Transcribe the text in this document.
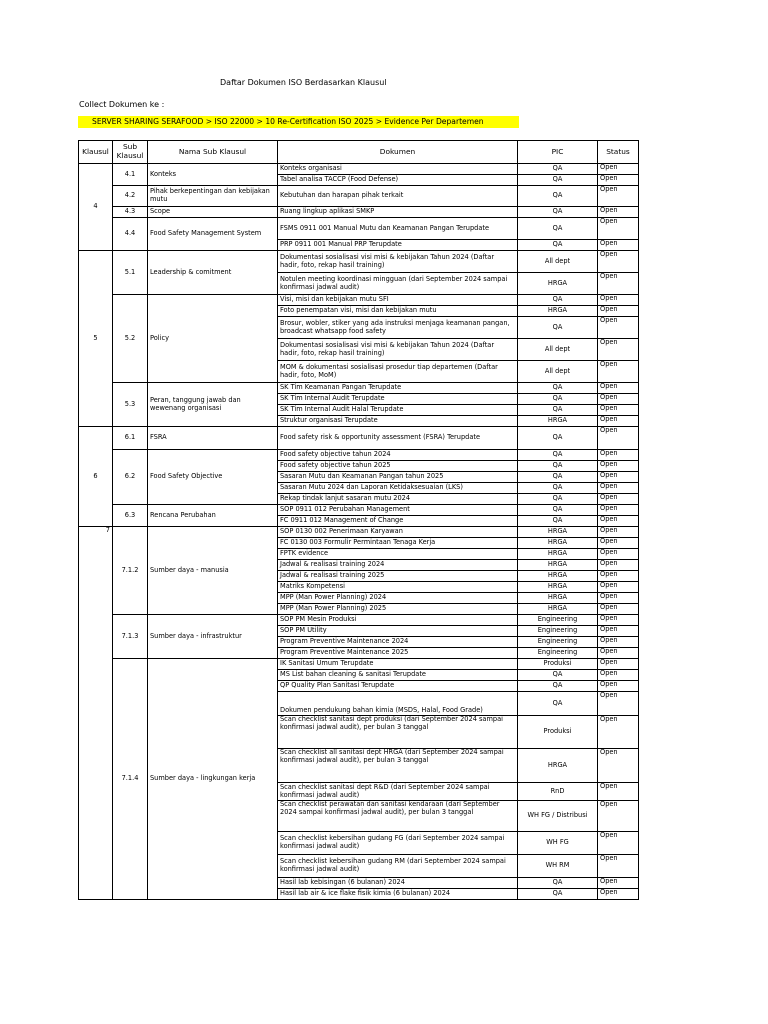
Daftar Dokumen ISO Berdasarkan Klausul
Collect Dokumen ke :
SERVER SHARING SERAFOOD > ISO 22000 > 10 Re-Certification ISO 2025 > Evidence Per Departemen
Klausul	Sub Klausul	Nama Sub Klausul	Dokumen	PIC	Status
4	4.1	Konteks	Konteks organisasi	QA	Open
			Tabel analisa TACCP (Food Defense)	QA	Open
	4.2	Pihak berkepentingan dan kebijakan mutu	Kebutuhan dan harapan pihak terkait	QA	Open
	4.3	Scope	Ruang lingkup aplikasi SMKP	QA	Open
	4.4	Food Safety Management System	FSMS 0911 001 Manual Mutu dan Keamanan Pangan Terupdate	QA	Open
			PRP 0911 001 Manual PRP Terupdate	QA	Open
5	5.1	Leadership & comitment	Dokumentasi sosialisasi visi misi & kebijakan Tahun 2024 (Daftar hadir, foto, rekap hasil training)	All dept	Open
			Notulen meeting koordinasi mingguan (dari September 2024 sampai konfirmasi jadwal audit)	HRGA	Open
	5.2	Policy	Visi, misi dan kebijakan mutu SFI	QA	Open
			Foto penempatan visi, misi dan kebijakan mutu	HRGA	Open
			Brosur, wobler, stiker yang ada instruksi menjaga keamanan pangan, broadcast whatsapp food safety	QA	Open
			Dokumentasi sosialisasi visi misi & kebijakan Tahun 2024 (Daftar hadir, foto, rekap hasil training)	All dept	Open
			MOM & dokumentasi sosialisasi prosedur tiap departemen (Daftar hadir, foto, MoM)	All dept	Open
	5.3	Peran, tanggung jawab dan wewenang organisasi	SK Tim Keamanan Pangan Terupdate	QA	Open
			SK Tim Internal Audit Terupdate	QA	Open
			SK Tim Internal Audit Halal Terupdate	QA	Open
			Struktur organisasi Terupdate	HRGA	Open
6	6.1	FSRA	Food safety risk & opportunity assessment (FSRA) Terupdate	QA	Open
	6.2	Food Safety Objective	Food safety objective tahun 2024	QA	Open
			Food safety objective tahun 2025	QA	Open
			Sasaran Mutu dan Keamanan Pangan tahun 2025	QA	Open
			Sasaran Mutu 2024 dan Laporan Ketidaksesuaian (LKS)	QA	Open
			Rekap tindak lanjut sasaran mutu 2024	QA	Open
	6.3	Rencana Perubahan	SOP 0911 012 Perubahan Management	QA	Open
			FC 0911 012 Management of Change	QA	Open
7	7.1.2	Sumber daya - manusia	SOP 0130 002 Penerimaan Karyawan	HRGA	Open
			FC 0130 003 Formulir Permintaan Tenaga Kerja	HRGA	Open
			FPTK evidence	HRGA	Open
			Jadwal & realisasi training 2024	HRGA	Open
			Jadwal & realisasi training 2025	HRGA	Open
			Matriks Kompetensi	HRGA	Open
			MPP (Man Power Planning) 2024	HRGA	Open
			MPP (Man Power Planning) 2025	HRGA	Open
	7.1.3	Sumber daya - infrastruktur	SOP PM Mesin Produksi	Engineering	Open
			SOP PM Utility	Engineering	Open
			Program Preventive Maintenance 2024	Engineering	Open
			Program Preventive Maintenance 2025	Engineering	Open
	7.1.4	Sumber daya - lingkungan kerja	IK Sanitasi Umum Terupdate	Produksi	Open
			MS List bahan cleaning & sanitasi Terupdate	QA	Open
			QP Quality Plan Sanitasi Terupdate	QA	Open
			Dokumen pendukung bahan kimia (MSDS, Halal, Food Grade)	QA	Open
			Scan checklist sanitasi dept produksi (dari September 2024 sampai konfirmasi jadwal audit), per bulan 3 tanggal	Produksi	Open
			Scan checklist all sanitasi dept HRGA (dari September 2024 sampai konfirmasi jadwal audit), per bulan 3 tanggal	HRGA	Open
			Scan checklist sanitasi dept R&D (dari September 2024 sampai konfirmasi jadwal audit)	RnD	Open
			Scan checklist perawatan dan sanitasi kendaraan (dari September 2024 sampai konfirmasi jadwal audit), per bulan 3 tanggal	WH FG / Distribusi	Open
			Scan checklist kebersihan gudang FG (dari September 2024 sampai konfirmasi jadwal audit)	WH FG	Open
			Scan checklist kebersihan gudang RM (dari September 2024 sampai konfirmasi jadwal audit)	WH RM	Open
			Hasil lab kebisingan (6 bulanan) 2024	QA	Open
			Hasil lab air & ice flake fisik kimia (6 bulanan) 2024	QA	Open
